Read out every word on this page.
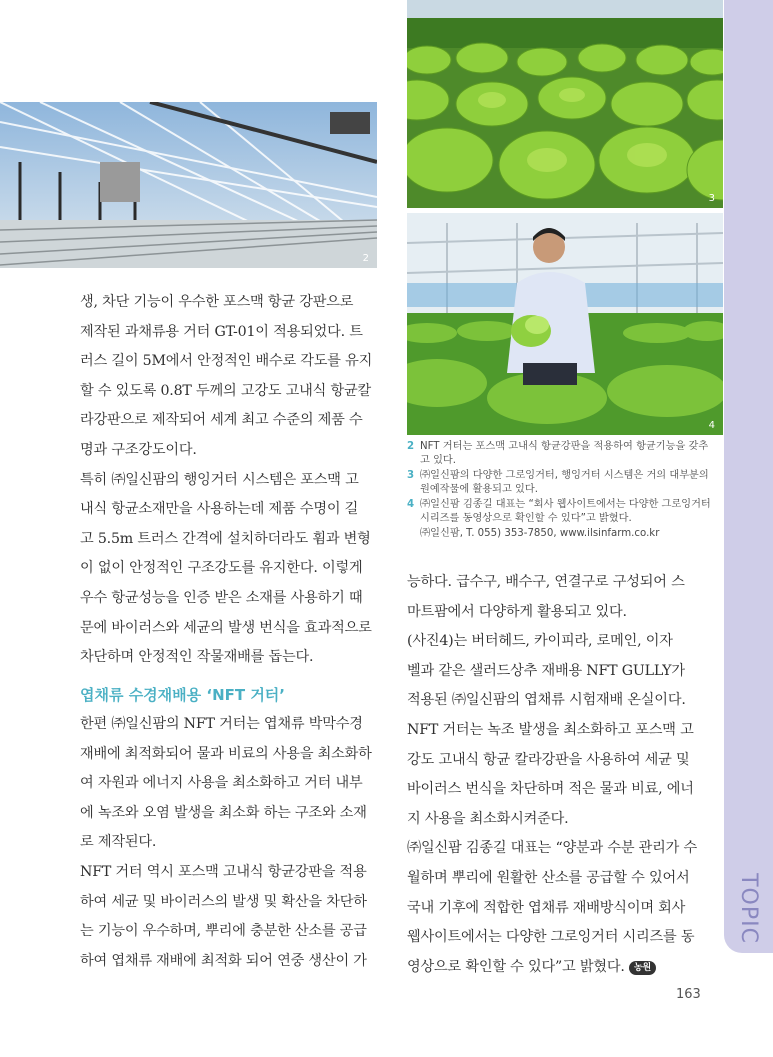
TOPIC
2
3
4

생, 차단 기능이 우수한 포스맥 항균 강판으로

제작된 과채류용 거터 GT-01이 적용되었다. 트

러스 길이 5M에서 안정적인 배수로 각도를 유지

할 수 있도록 0.8T 두께의 고강도 고내식 항균칼

라강판으로 제작되어 세계 최고 수준의 제품 수

명과 구조강도이다.

특히 ㈜일신팜의 행잉거터 시스템은 포스맥 고

내식 항균소재만을 사용하는데 제품 수명이 길

고 5.5m 트러스 간격에 설치하더라도 휨과 변형

이 없이 안정적인 구조강도를 유지한다. 이렇게

우수 항균성능을 인증 받은 소재를 사용하기 때

문에 바이러스와 세균의 발생 번식을 효과적으로

차단하며 안정적인 작물재배를 돕는다.

엽채류 수경재배용 ‘NFT 거터’

한편 ㈜일신팜의 NFT 거터는 엽채류 박막수경

재배에 최적화되어 물과 비료의 사용을 최소화하

여 자원과 에너지 사용을 최소화하고 거터 내부

에 녹조와 오염 발생을 최소화 하는 구조와 소재

로 제작된다.

NFT 거터 역시 포스맥 고내식 항균강판을 적용

하여 세균 및 바이러스의 발생 및 확산을 차단하

는 기능이 우수하며, 뿌리에 충분한 산소를 공급

하여 엽채류 재배에 최적화 되어 연중 생산이 가

2 NFT 거터는 포스맥 고내식 항균강판을 적용하여 항균기능을 갖추고 있다.
3 ㈜일신팜의 다양한 그로잉거터, 행잉거터 시스템은 거의 대부분의 원예작물에 활용되고 있다.
4 ㈜일신팜 김종길 대표는 “회사 웹사이트에서는 다양한 그로잉거터 시리즈를 동영상으로 확인할 수 있다”고 밝혔다.
㈜일신팜, T. 055) 353-7850, www.ilsinfarm.co.kr

능하다. 급수구, 배수구, 연결구로 구성되어 스

마트팜에서 다양하게 활용되고 있다.

(사진4)는 버터헤드, 카이피라, 로메인, 이자

벨과 같은 샐러드상추 재배용 NFT GULLY가

적용된 ㈜일신팜의 엽채류 시험재배 온실이다.

NFT 거터는 녹조 발생을 최소화하고 포스맥 고

강도 고내식 항균 칼라강판을 사용하여 세균 및

바이러스 번식을 차단하며 적은 물과 비료, 에너

지 사용을 최소화시켜준다.

㈜일신팜 김종길 대표는 “양분과 수분 관리가 수

월하며 뿌리에 원활한 산소를 공급할 수 있어서

국내 기후에 적합한 엽채류 재배방식이며 회사

웹사이트에서는 다양한 그로잉거터 시리즈를 동

영상으로 확인할 수 있다”고 밝혔다. 농원

163
